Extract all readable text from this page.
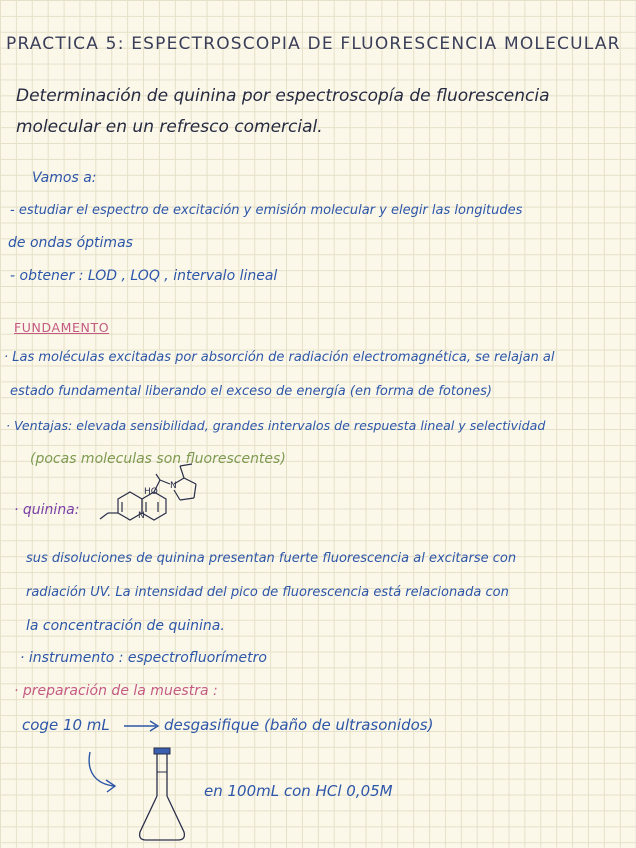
PRACTICA 5: ESPECTROSCOPIA DE FLUORESCENCIA MOLECULAR
Determinación de quinina por espectroscopía de fluorescencia
molecular en un refresco comercial.
Vamos a:
- estudiar el espectro de excitación y emisión molecular y elegir las longitudes
de ondas óptimas
- obtener : LOD , LOQ , intervalo lineal
FUNDAMENTO
· Las moléculas excitadas por absorción de radiación electromagnética, se relajan al
estado fundamental liberando el exceso de energía (en forma de fotones)
· Ventajas: elevada sensibilidad, grandes intervalos de respuesta lineal y selectividad
(pocas moleculas son fluorescentes)
· quinina:
HO
N
N
sus disoluciones de quinina presentan fuerte fluorescencia al excitarse con
radiación UV. La intensidad del pico de fluorescencia está relacionada con
la concentración de quinina.
· instrumento : espectrofluorímetro
· preparación de la muestra :
coge 10 mL	desgasifique (baño de ultrasonidos)
en 100mL con HCl 0,05M
